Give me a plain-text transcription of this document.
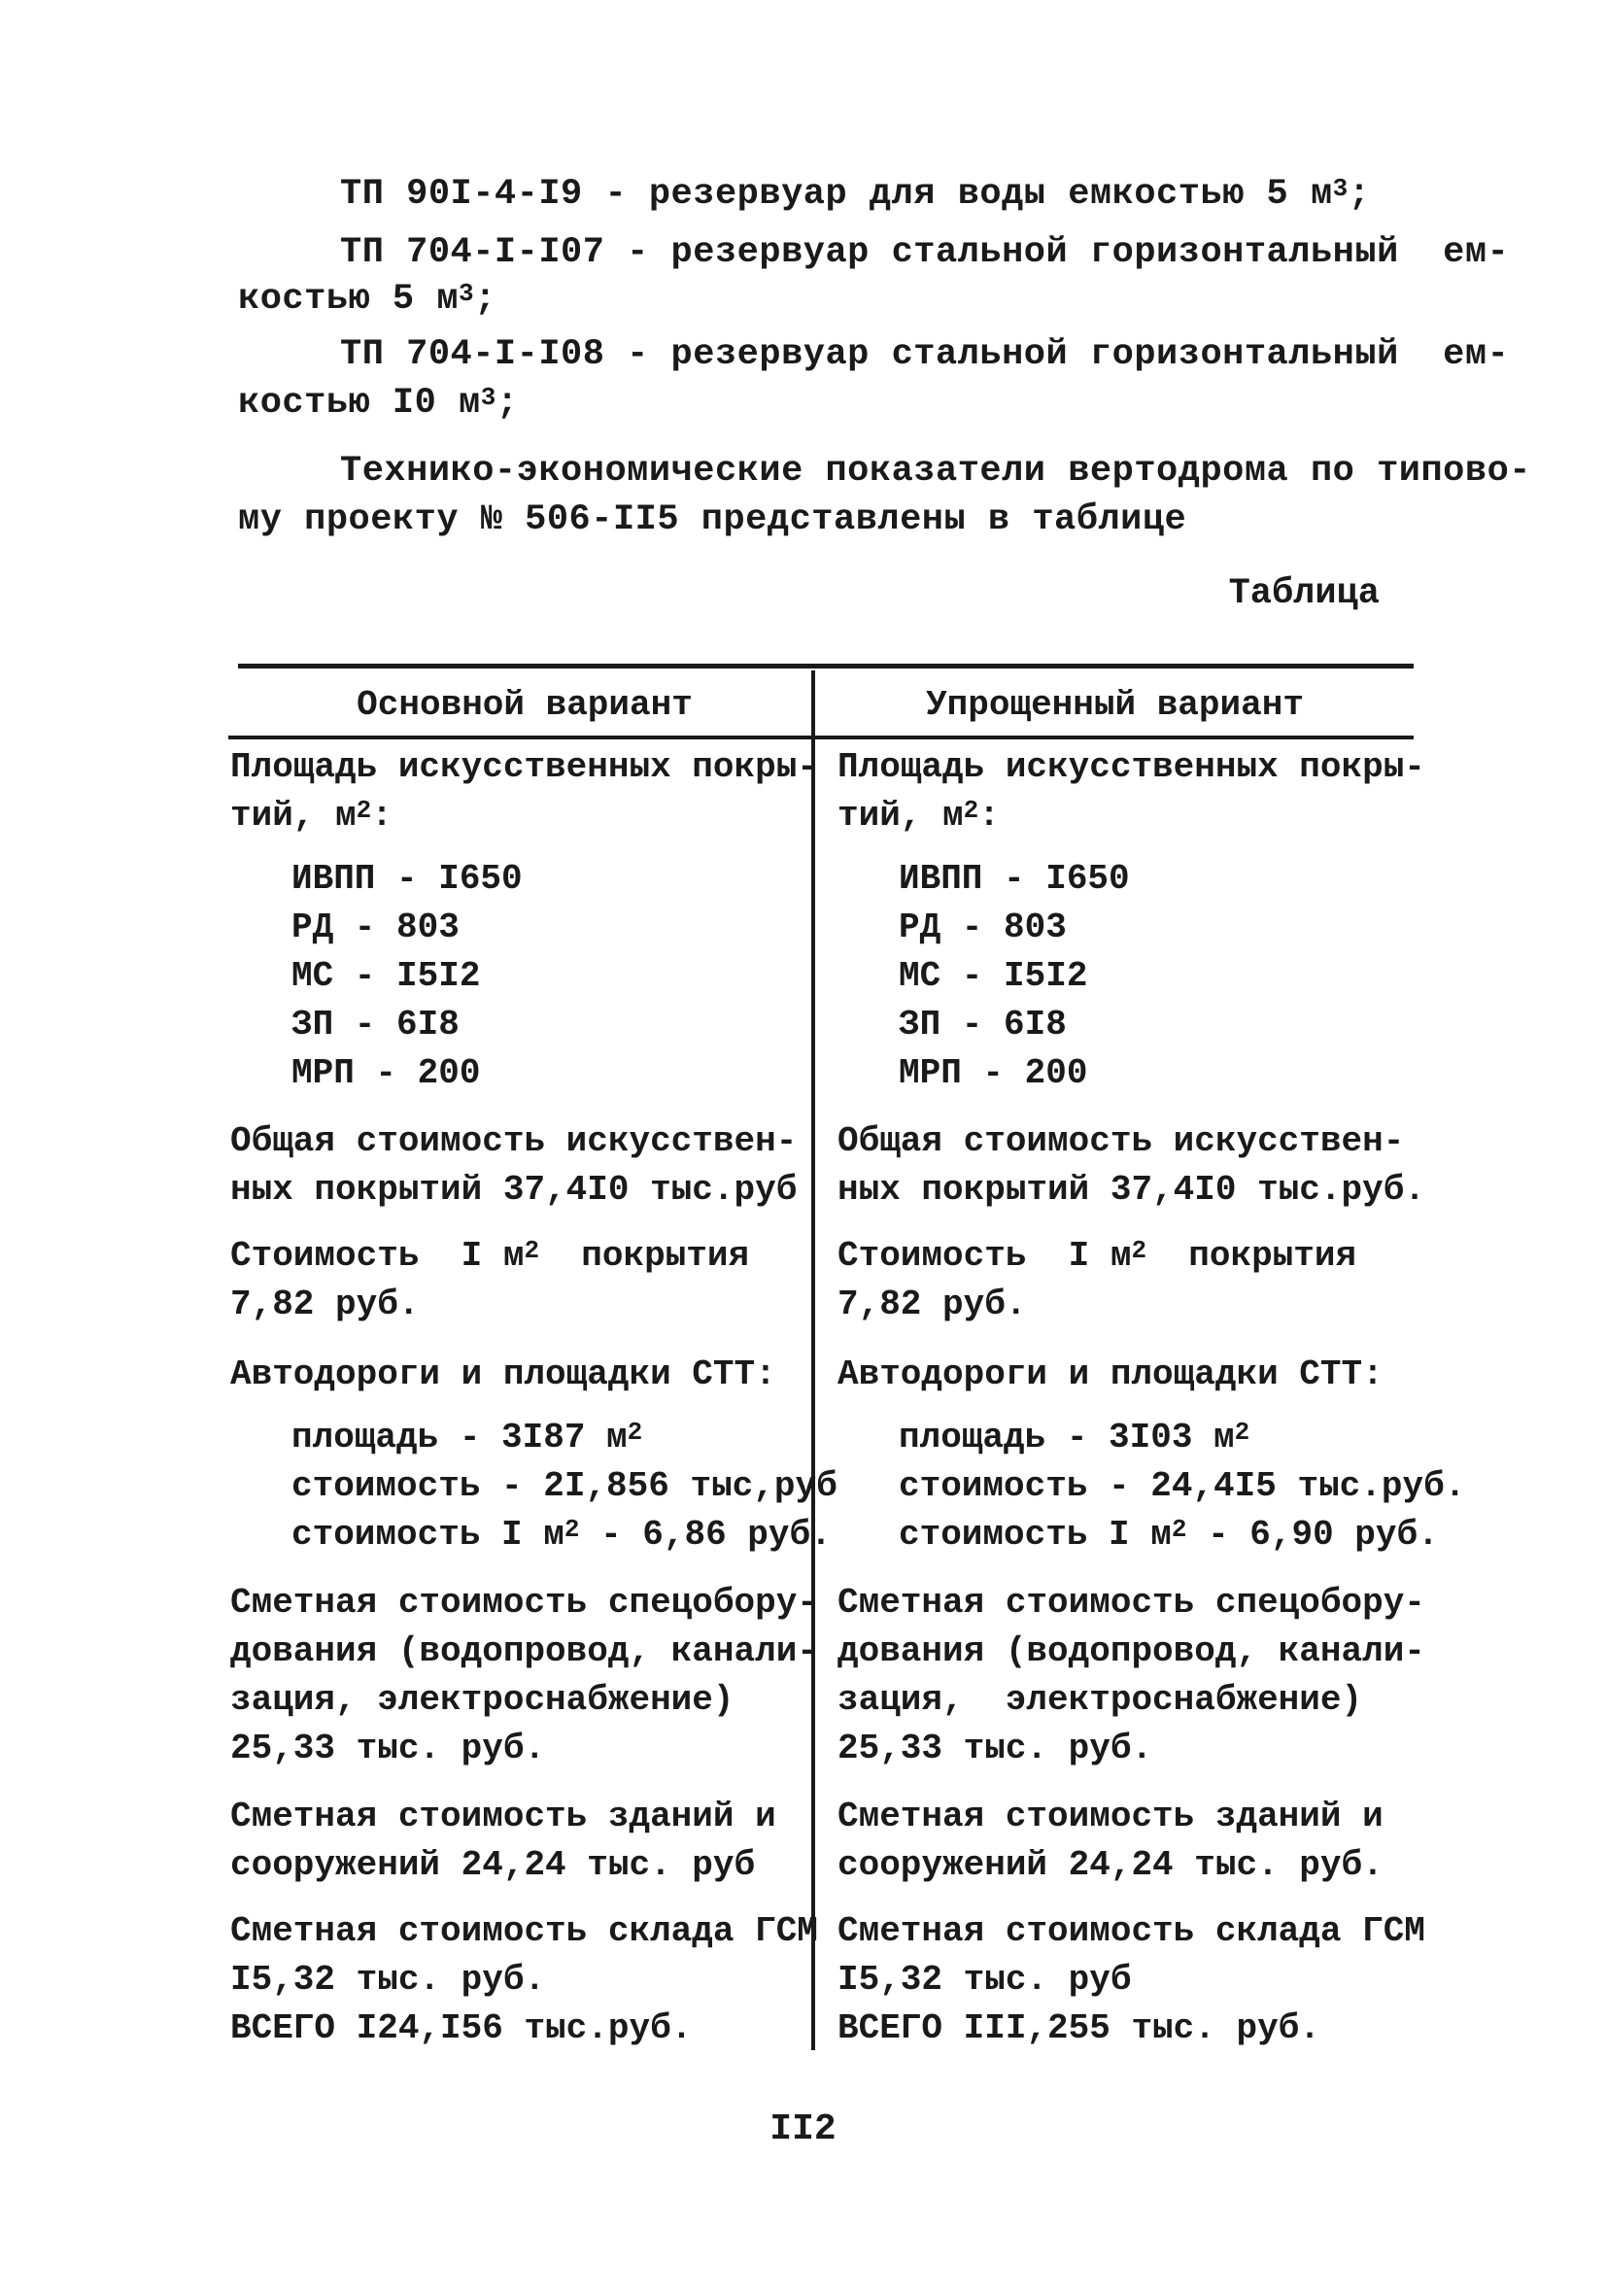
ТП 90I-4-I9 - резервуар для воды емкостью 5 $м^3$;
ТП 704-I-I07 - резервуар стальной горизонтальный  ем-
костью 5 $м^3$;
ТП 704-I-I08 - резервуар стальной горизонтальный  ем-
костью I0 $м^3$;
Технико-экономические показатели вертодрома по типово-
му проекту № 506-II5 представлены в таблице
Таблица
Основной вариант	Упрощенный вариант
Площадь искусственных покры-
тий, $м^2$:
ИВПП - I650
РД - 803
МС - I5I2
ЗП - 6I8
МРП - 200
Общая стоимость искусствен-
ных покрытий 37,4I0 тыс.руб
Стоимость  I $м^2$  покрытия
7,82 руб.
Автодороги и площадки СТТ:
площадь - 3I87 $м^2$
стоимость - 2I,856 тыс,руб
стоимость I $м^2 - 6,86$ руб.
Сметная стоимость спецобору-
дования (водопровод, канали-
зация, электроснабжение)
25,33 тыс. руб.
Сметная стоимость зданий и
сооружений 24,24 тыс. руб
Сметная стоимость склада ГСМ
I5,32 тыс. руб.
ВСЕГО I24,I56 тыс.руб.
Площадь искусственных покры-
тий, $м^2$:
ИВПП - I650
РД - 803
МС - I5I2
ЗП - 6I8
МРП - 200
Общая стоимость искусствен-
ных покрытий 37,4I0 тыс.руб.
Стоимость  I $м^2$  покрытия
7,82 руб.
Автодороги и площадки СТТ:
площадь - 3I03 $м^2$
стоимость - 24,4I5 тыс.руб.
стоимость I $м^2 - 6,90$ руб.
Сметная стоимость спецобору-
дования (водопровод, канали-
зация,  электроснабжение)
25,33 тыс. руб.
Сметная стоимость зданий и
сооружений 24,24 тыс. руб.
Сметная стоимость склада ГСМ
I5,32 тыс. руб
ВСЕГО III,255 тыс. руб.
II2
